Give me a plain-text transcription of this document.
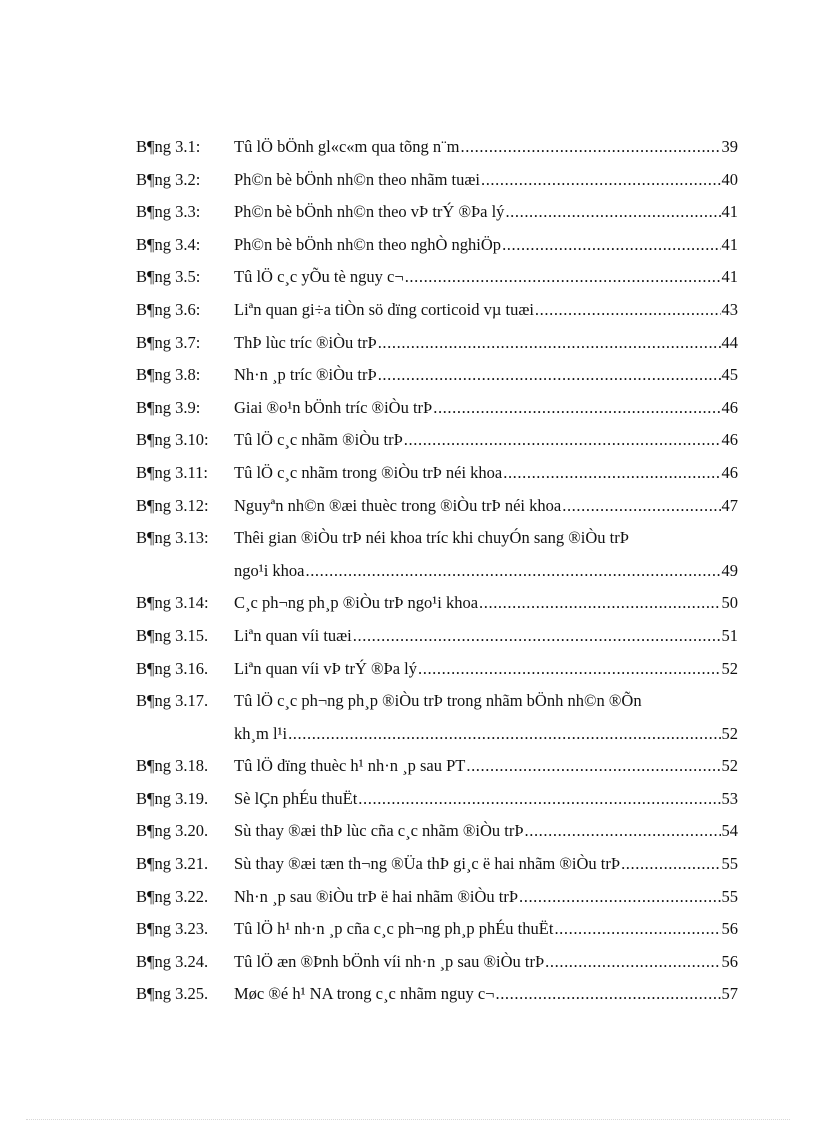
B¶ng 3.1:	Tû lÖ bÖnh gl«c«m qua tõng n¨m .....	39
B¶ng 3.2:	Ph©n bè bÖnh nh©n theo nhãm tuæi .....	40
B¶ng 3.3:	Ph©n bè bÖnh nh©n theo vÞ trÝ ®Þa lý .....	41
B¶ng 3.4:	Ph©n bè bÖnh nh©n theo nghÒ nghiÖp .....	41
B¶ng 3.5:	Tû lÖ c¸c yÕu tè nguy c¬ .....	41
B¶ng 3.6:	Liªn quan gi÷a tiÒn sö dïng corticoid vµ tuæi .....	43
B¶ng 3.7:	ThÞ lùc tríc ®iÒu trÞ .....	44
B¶ng 3.8:	Nh·n ¸p tríc ®iÒu trÞ .....	45
B¶ng 3.9:	Giai ®o¹n bÖnh tríc ®iÒu trÞ .....	46
B¶ng 3.10:	Tû lÖ c¸c nhãm ®iÒu trÞ .....	46
B¶ng 3.11:	Tû lÖ c¸c nhãm trong ®iÒu trÞ néi khoa .....	46
B¶ng 3.12:	Nguyªn nh©n ®æi thuèc trong ®iÒu trÞ néi khoa .....	47
B¶ng 3.13:	Thêi gian ®iÒu trÞ néi khoa tríc khi chuyÓn sang ®iÒu trÞ
ngo¹i khoa .....	49
B¶ng 3.14:	C¸c ph¬ng ph¸p ®iÒu trÞ ngo¹i khoa .....	50
B¶ng 3.15.	Liªn quan víi tuæi .....	51
B¶ng 3.16.	Liªn quan víi vÞ trÝ ®Þa lý .....	52
B¶ng 3.17.	Tû lÖ c¸c ph¬ng ph¸p ®iÒu trÞ trong nhãm bÖnh nh©n ®Õn
kh¸m l¹i .....	52
B¶ng 3.18.	Tû lÖ dïng thuèc h¹ nh·n ¸p sau PT .....	52
B¶ng 3.19.	Sè lÇn phÉu thuËt .....	53
B¶ng 3.20.	Sù thay ®æi thÞ lùc cña c¸c nhãm ®iÒu trÞ .....	54
B¶ng 3.21.	Sù thay ®æi tæn th¬ng ®Üa thÞ gi¸c ë hai nhãm ®iÒu trÞ .....	55
B¶ng 3.22.	Nh·n ¸p sau ®iÒu trÞ ë hai nhãm ®iÒu trÞ .....	55
B¶ng 3.23.	Tû lÖ h¹ nh·n ¸p cña c¸c ph¬ng ph¸p phÉu thuËt .....	56
B¶ng 3.24.	Tû lÖ æn ®Þnh bÖnh víi nh·n ¸p sau ®iÒu trÞ .....	56
B¶ng 3.25.	Møc ®é h¹ NA trong c¸c nhãm nguy c¬ .....	57
